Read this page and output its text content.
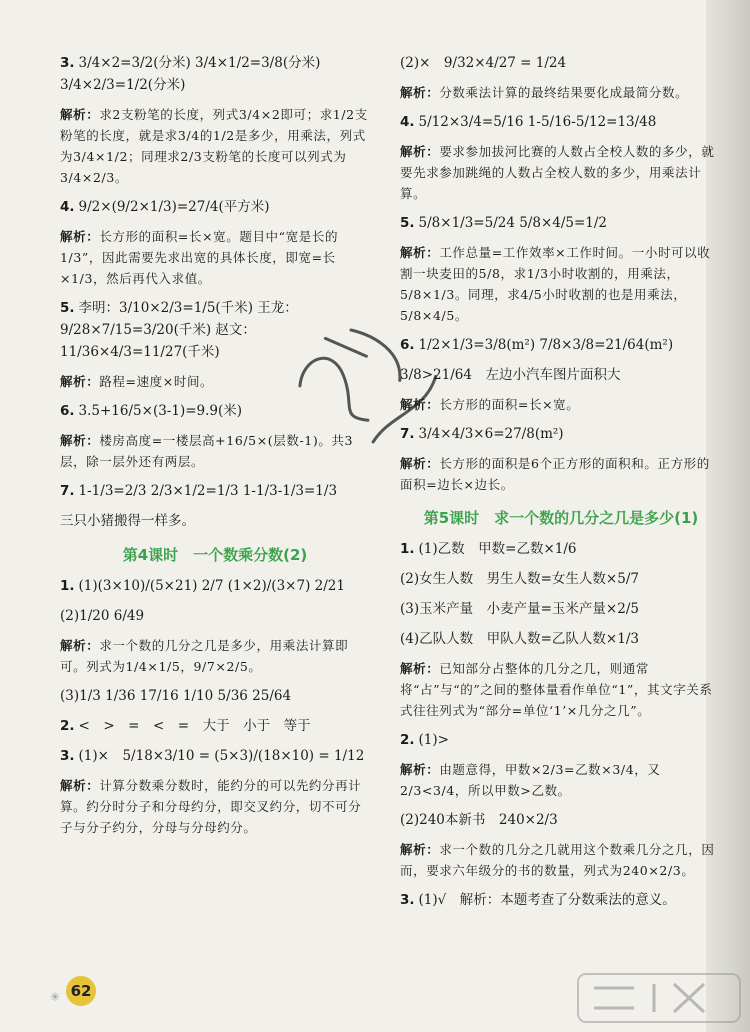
3. 3/4×2=3/2(分米) 3/4×1/2=3/8(分米) 3/4×2/3=1/2(分米)
解析：求2支粉笔的长度，列式3/4×2即可；求1/2支粉笔的长度，就是求3/4的1/2是多少，用乘法，列式为3/4×1/2；同理求2/3支粉笔的长度可以列式为3/4×2/3。
4. 9/2×(9/2×1/3)=27/4(平方米)
解析：长方形的面积=长×宽。题目中“宽是长的1/3”，因此需要先求出宽的具体长度，即宽=长×1/3，然后再代入求值。
5. 李明：3/10×2/3=1/5(千米) 王龙：9/28×7/15=3/20(千米) 赵文：11/36×4/3=11/27(千米)
解析：路程=速度×时间。
6. 3.5+16/5×(3-1)=9.9(米)
解析：楼房高度=一楼层高+16/5×(层数-1)。共3层，除一层外还有两层。
7. 1-1/3=2/3 2/3×1/2=1/3 1-1/3-1/3=1/3
三只小猪搬得一样多。
第4课时　一个数乘分数(2)
1. (1)(3×10)/(5×21) 2/7 (1×2)/(3×7) 2/21
(2)1/20 6/49
解析：求一个数的几分之几是多少，用乘法计算即可。列式为1/4×1/5，9/7×2/5。
(3)1/3 1/36 17/16 1/10 5/36 25/64
2. <　>　=　<　=　大于　小于　等于
3. (1)×　5/18×3/10 = (5×3)/(18×10) = 1/12
解析：计算分数乘分数时，能约分的可以先约分再计算。约分时分子和分母约分，即交叉约分，切不可分子与分子约分，分母与分母约分。
(2)×　9/32×4/27 = 1/24
解析：分数乘法计算的最终结果要化成最简分数。
4. 5/12×3/4=5/16 1-5/16-5/12=13/48
解析：要求参加拔河比赛的人数占全校人数的多少，就要先求参加跳绳的人数占全校人数的多少，用乘法计算。
5. 5/8×1/3=5/24 5/8×4/5=1/2
解析：工作总量=工作效率×工作时间。一小时可以收割一块麦田的5/8，求1/3小时收割的，用乘法，5/8×1/3。同理，求4/5小时收割的也是用乘法，5/8×4/5。
6. 1/2×1/3=3/8(m²) 7/8×3/8=21/64(m²)
3/8>21/64　左边小汽车图片面积大
解析：长方形的面积=长×宽。
7. 3/4×4/3×6=27/8(m²)
解析：长方形的面积是6个正方形的面积和。正方形的面积=边长×边长。
第5课时　求一个数的几分之几是多少(1)
1. (1)乙数　甲数=乙数×1/6
(2)女生人数　男生人数=女生人数×5/7
(3)玉米产量　小麦产量=玉米产量×2/5
(4)乙队人数　甲队人数=乙队人数×1/3
解析：已知部分占整体的几分之几，则通常将“占”与“的”之间的整体量看作单位“1”，其文字关系式往往列式为“部分=单位‘1’×几分之几”。
2. (1)>
解析：由题意得，甲数×2/3=乙数×3/4，又2/3<3/4，所以甲数>乙数。
(2)240本新书　240×2/3
解析：求一个数的几分之几就用这个数乘几分之几，因而，要求六年级分的书的数量，列式为240×2/3。
3. (1)√　解析：本题考查了分数乘法的意义。
✳ 62
